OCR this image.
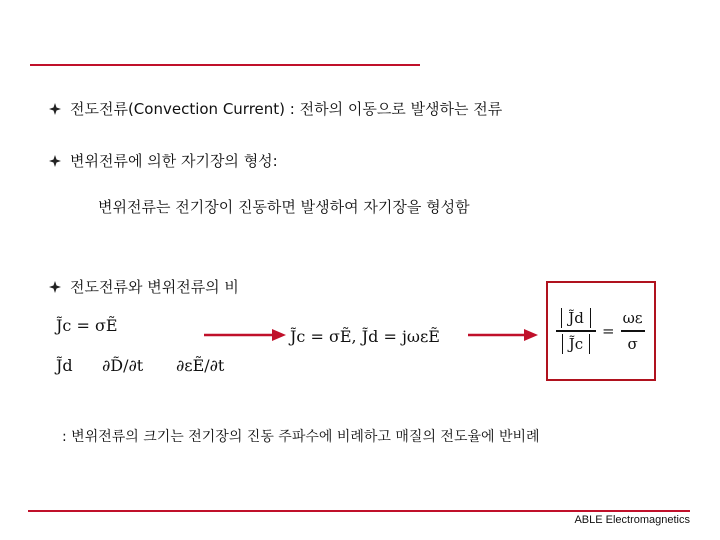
전도전류(Convection Current) : 전하의 이동으로 발생하는 전류
변위전류에 의한 자기장의 형성:
변위전류는 전기장이 진동하면 발생하여 자기장을 형성함
전도전류와 변위전류의 비
J̃c = σẼ
J̃d ∂D̃/∂t ∂εẼ/∂t
J̃c = σẼ, J̃d = jωεẼ
J̃d
J̃c
=
ωε
σ
: 변위전류의 크기는 전기장의 진동 주파수에 비례하고 매질의 전도율에 반비례
ABLE Electromagnetics
